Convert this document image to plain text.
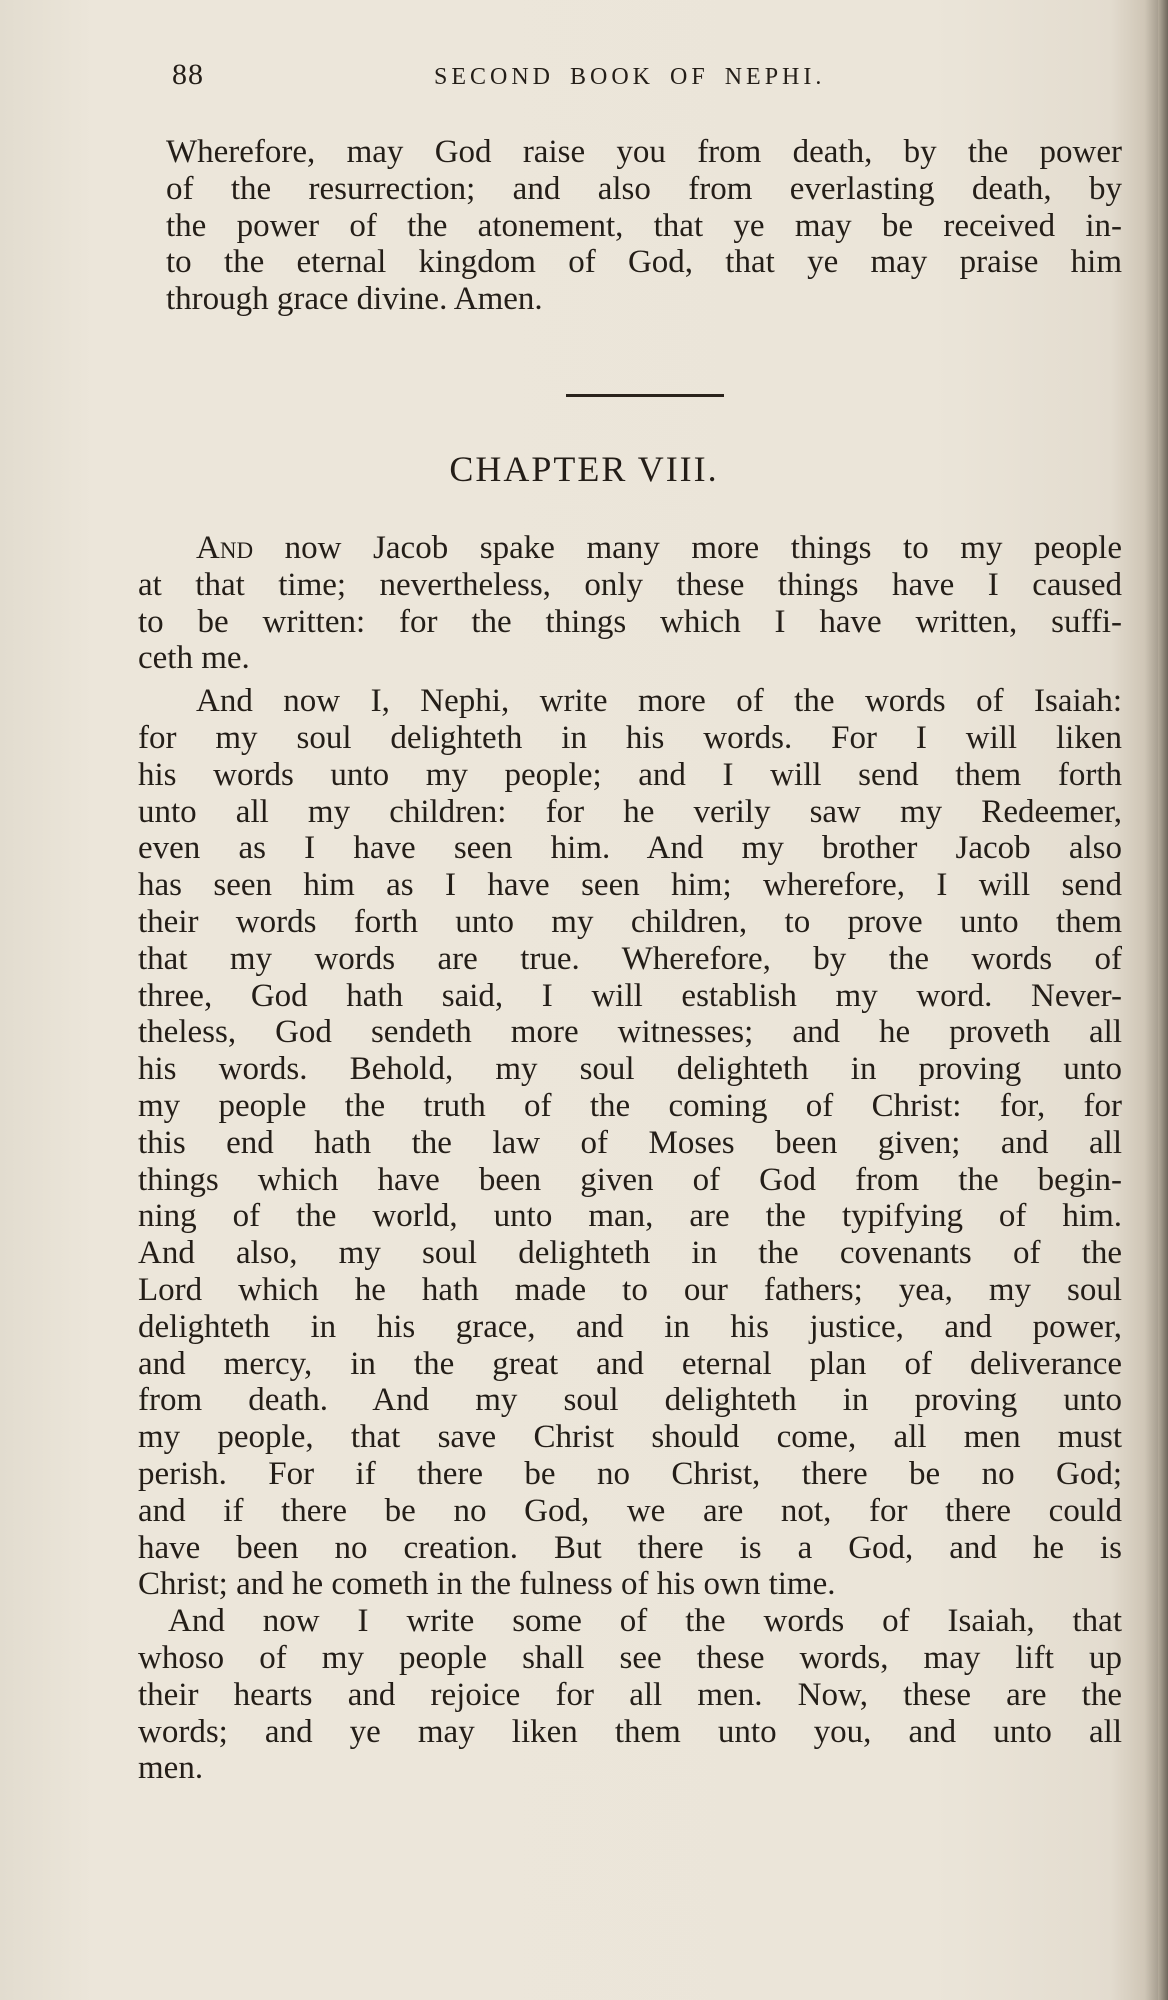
88	SECOND BOOK OF NEPHI.

Wherefore, may God raise you from death, by the power
of the resurrection; and also from everlasting death, by
the power of the atonement, that ye may be received in-
to the eternal kingdom of God, that ye may praise him
through grace divine. Amen.

CHAPTER VIII.

And now Jacob spake many more things to my people
at that time; nevertheless, only these things have I caused
to be written: for the things which I have written, suffi-
ceth me.

And now I, Nephi, write more of the words of Isaiah:
for my soul delighteth in his words. For I will liken
his words unto my people; and I will send them forth
unto all my children: for he verily saw my Redeemer,
even as I have seen him. And my brother Jacob also
has seen him as I have seen him; wherefore, I will send
their words forth unto my children, to prove unto them
that my words are true. Wherefore, by the words of
three, God hath said, I will establish my word. Never-
theless, God sendeth more witnesses; and he proveth all
his words. Behold, my soul delighteth in proving unto
my people the truth of the coming of Christ: for, for
this end hath the law of Moses been given; and all
things which have been given of God from the begin-
ning of the world, unto man, are the typifying of him.
And also, my soul delighteth in the covenants of the
Lord which he hath made to our fathers; yea, my soul
delighteth in his grace, and in his justice, and power,
and mercy, in the great and eternal plan of deliverance
from death. And my soul delighteth in proving unto
my people, that save Christ should come, all men must
perish. For if there be no Christ, there be no God;
and if there be no God, we are not, for there could
have been no creation. But there is a God, and he is
Christ; and he cometh in the fulness of his own time.

And now I write some of the words of Isaiah, that
whoso of my people shall see these words, may lift up
their hearts and rejoice for all men. Now, these are the
words; and ye may liken them unto you, and unto all
men.
